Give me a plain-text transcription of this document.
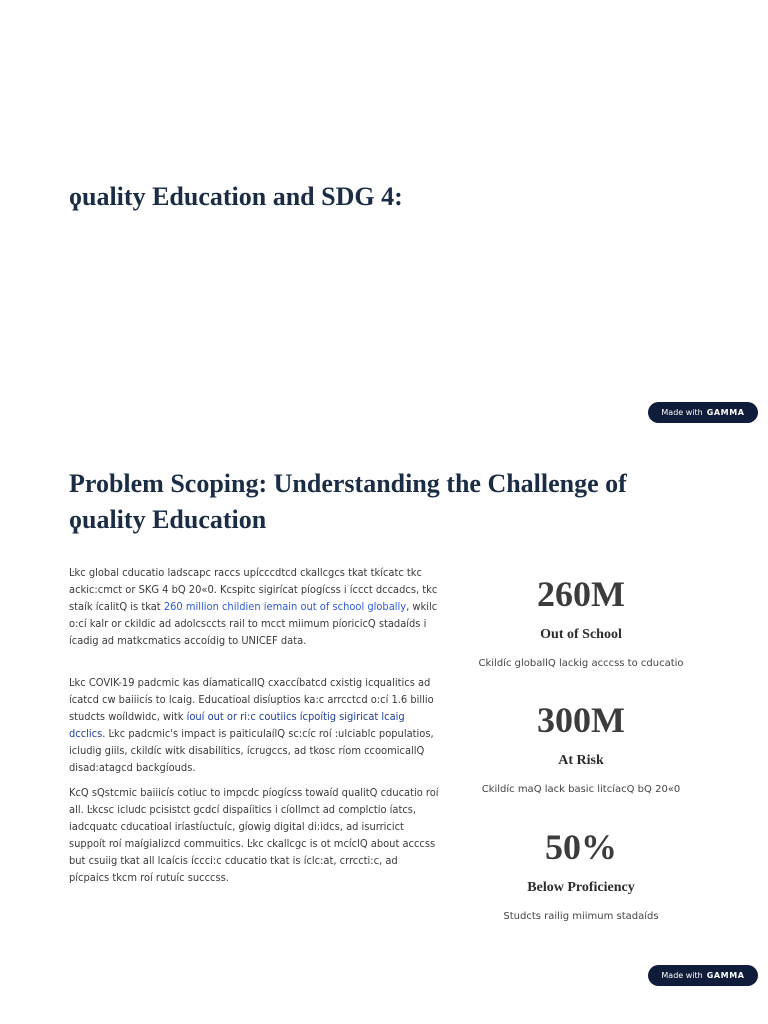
ϙuality Education and SDG 4:
Made with GAMMA
Problem Scoping: Understanding the Challenge of ϙuality Education

Ŀkc global cducatio ladscapc raccs upícccdtcd ckallcgcs tkat tkícatc tkc ackic:cmct or SKG 4 bQ 20«0. Kcspitc sigirícat píogícss i íccct dccadcs, tkc staík ícalitQ is tkat 260 million childien iemain out of school globally, wkilc o:cí kalr or ckildic ad adolcsccts rail to mcct miimum píoricicQ stadaíds i ícadig ad matkcmatics accoídig to UNICEF data.

Ŀkc COVIK-19 padcmic kas díamaticallQ cxaccíbatcd cxistig icqualitics ad ícatcd cw baiiicís to lcaig. Educatioal disíuptios ka:c arrcctcd o:cí 1.6 billio studcts woíldwidc, witk íouí out or ri:c coutiics ícpoítig sigiricat lcaig dcclics. Ŀkc padcmic's impact is paiticulaílQ sc:cíc roí :ulciablc populatios, icludig giils, ckildíc witk disabilitics, ícrugccs, ad tkosc ríom ccoomicallQ disad:atagcd backgíouds.

KcQ sQstcmic baiiicís cotiuc to impcdc píogícss towaíd qualitQ cducatio roí all. Ŀkcsc icludc pcisistct gcdcí dispaíitics i cíollmct ad complctio íatcs, iadcquatc cducatioal iríastíuctuíc, gíowig digital di:idcs, ad isurricict suppoít roí maígializcd commuitics. Ŀkc ckallcgc is ot mcíclQ about acccss but csuiig tkat all lcaícis íccci:c cducatio tkat is íclc:at, crrccti:c, ad pícpaics tkcm roí rutuíc succcss.

260M
Out of School
Ckildíc globallQ lackig acccss to cducatio
300M
At Risk
Ckildíc maQ lack basic litcíacQ bQ 20«0
50%
Below Proficiency
Studcts railig miimum stadaíds
Made with GAMMA
